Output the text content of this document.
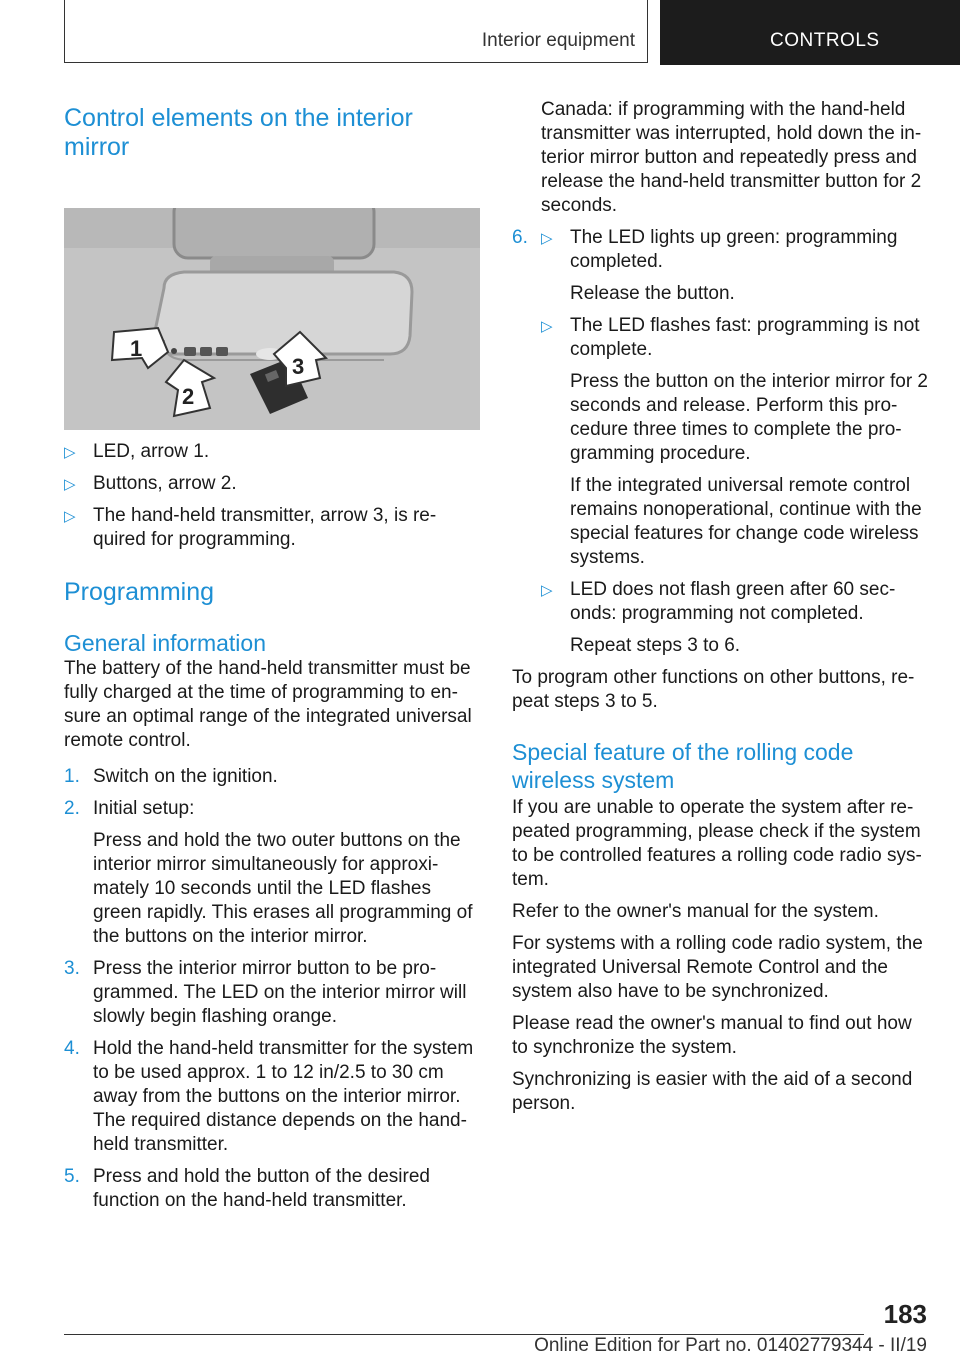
Interior equipment	CONTROLS
Control elements on the interior mirror
1
2
3
▷ LED, arrow 1.
▷ Buttons, arrow 2.
▷ The hand-held transmitter, arrow 3, is re-quired for programming.
Programming
General information

The battery of the hand-held transmitter must be fully charged at the time of programming to en-sure an optimal range of the integrated universal remote control.

1. Switch on the ignition.
2. Initial setup:

Press and hold the two outer buttons on the interior mirror simultaneously for approxi-mately 10 seconds until the LED flashes green rapidly. This erases all programming of the buttons on the interior mirror.

3. Press the interior mirror button to be pro-grammed. The LED on the interior mirror will slowly begin flashing orange.
4. Hold the hand-held transmitter for the system to be used approx. 1 to 12 in/2.5 to 30 cm away from the buttons on the interior mirror. The required distance depends on the hand-held transmitter.
5. Press and hold the button of the desired function on the hand-held transmitter.

Canada: if programming with the hand-held transmitter was interrupted, hold down the in-terior mirror button and repeatedly press and release the hand-held transmitter button for 2 seconds.

6. ▷ The LED lights up green: programming completed.

Release the button.

▷ The LED flashes fast: programming is not complete.

Press the button on the interior mirror for 2 seconds and release. Perform this pro-cedure three times to complete the pro-gramming procedure.

If the integrated universal remote control remains nonoperational, continue with the special features for change code wireless systems.

▷ LED does not flash green after 60 sec-onds: programming not completed.

Repeat steps 3 to 6.

To program other functions on other buttons, re-peat steps 3 to 5.

Special feature of the rolling code wireless system

If you are unable to operate the system after re-peated programming, please check if the system to be controlled features a rolling code radio sys-tem.

Refer to the owner's manual for the system.

For systems with a rolling code radio system, the integrated Universal Remote Control and the system also have to be synchronized.

Please read the owner's manual to find out how to synchronize the system.

Synchronizing is easier with the aid of a second person.

183
Online Edition for Part no. 01402779344 - II/19
